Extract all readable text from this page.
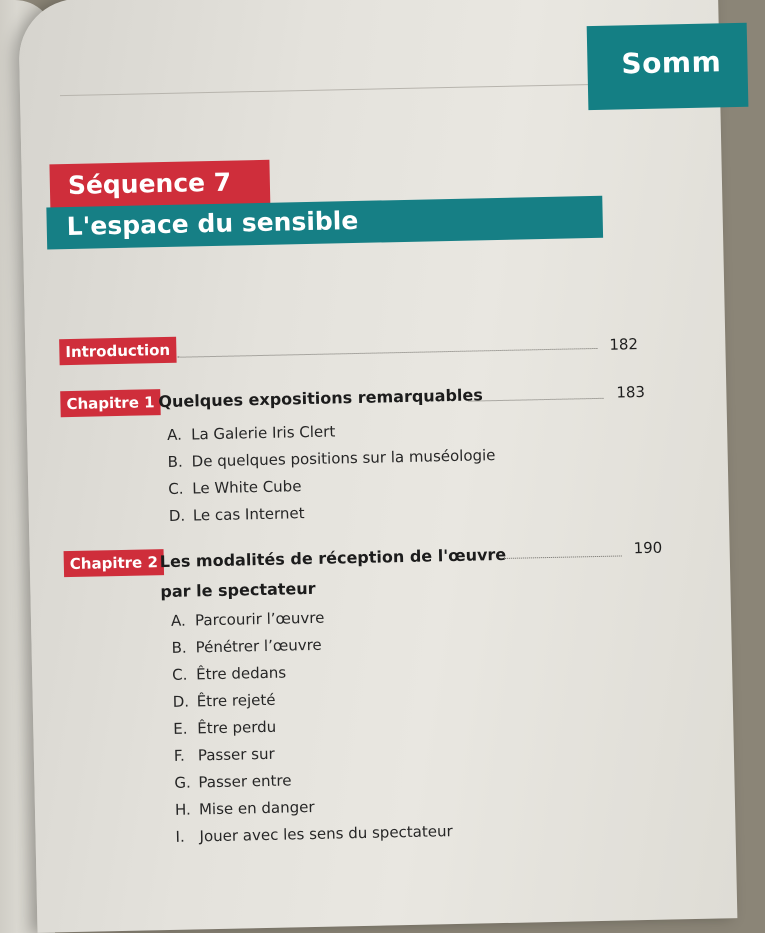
Somm
Séquence 7
L'espace du sensible
Introduction	182
Chapitre 1 Quelques expositions remarquables	183
A. La Galerie Iris Clert
B. De quelques positions sur la muséologie
C. Le White Cube
D. Le cas Internet
Chapitre 2 Les modalités de réception de l'œuvre
par le spectateur
190
A. Parcourir l’œuvre
B. Pénétrer l’œuvre
C. Être dedans
D. Être rejeté
E. Être perdu
F. Passer sur
G. Passer entre
H. Mise en danger
I. Jouer avec les sens du spectateur
